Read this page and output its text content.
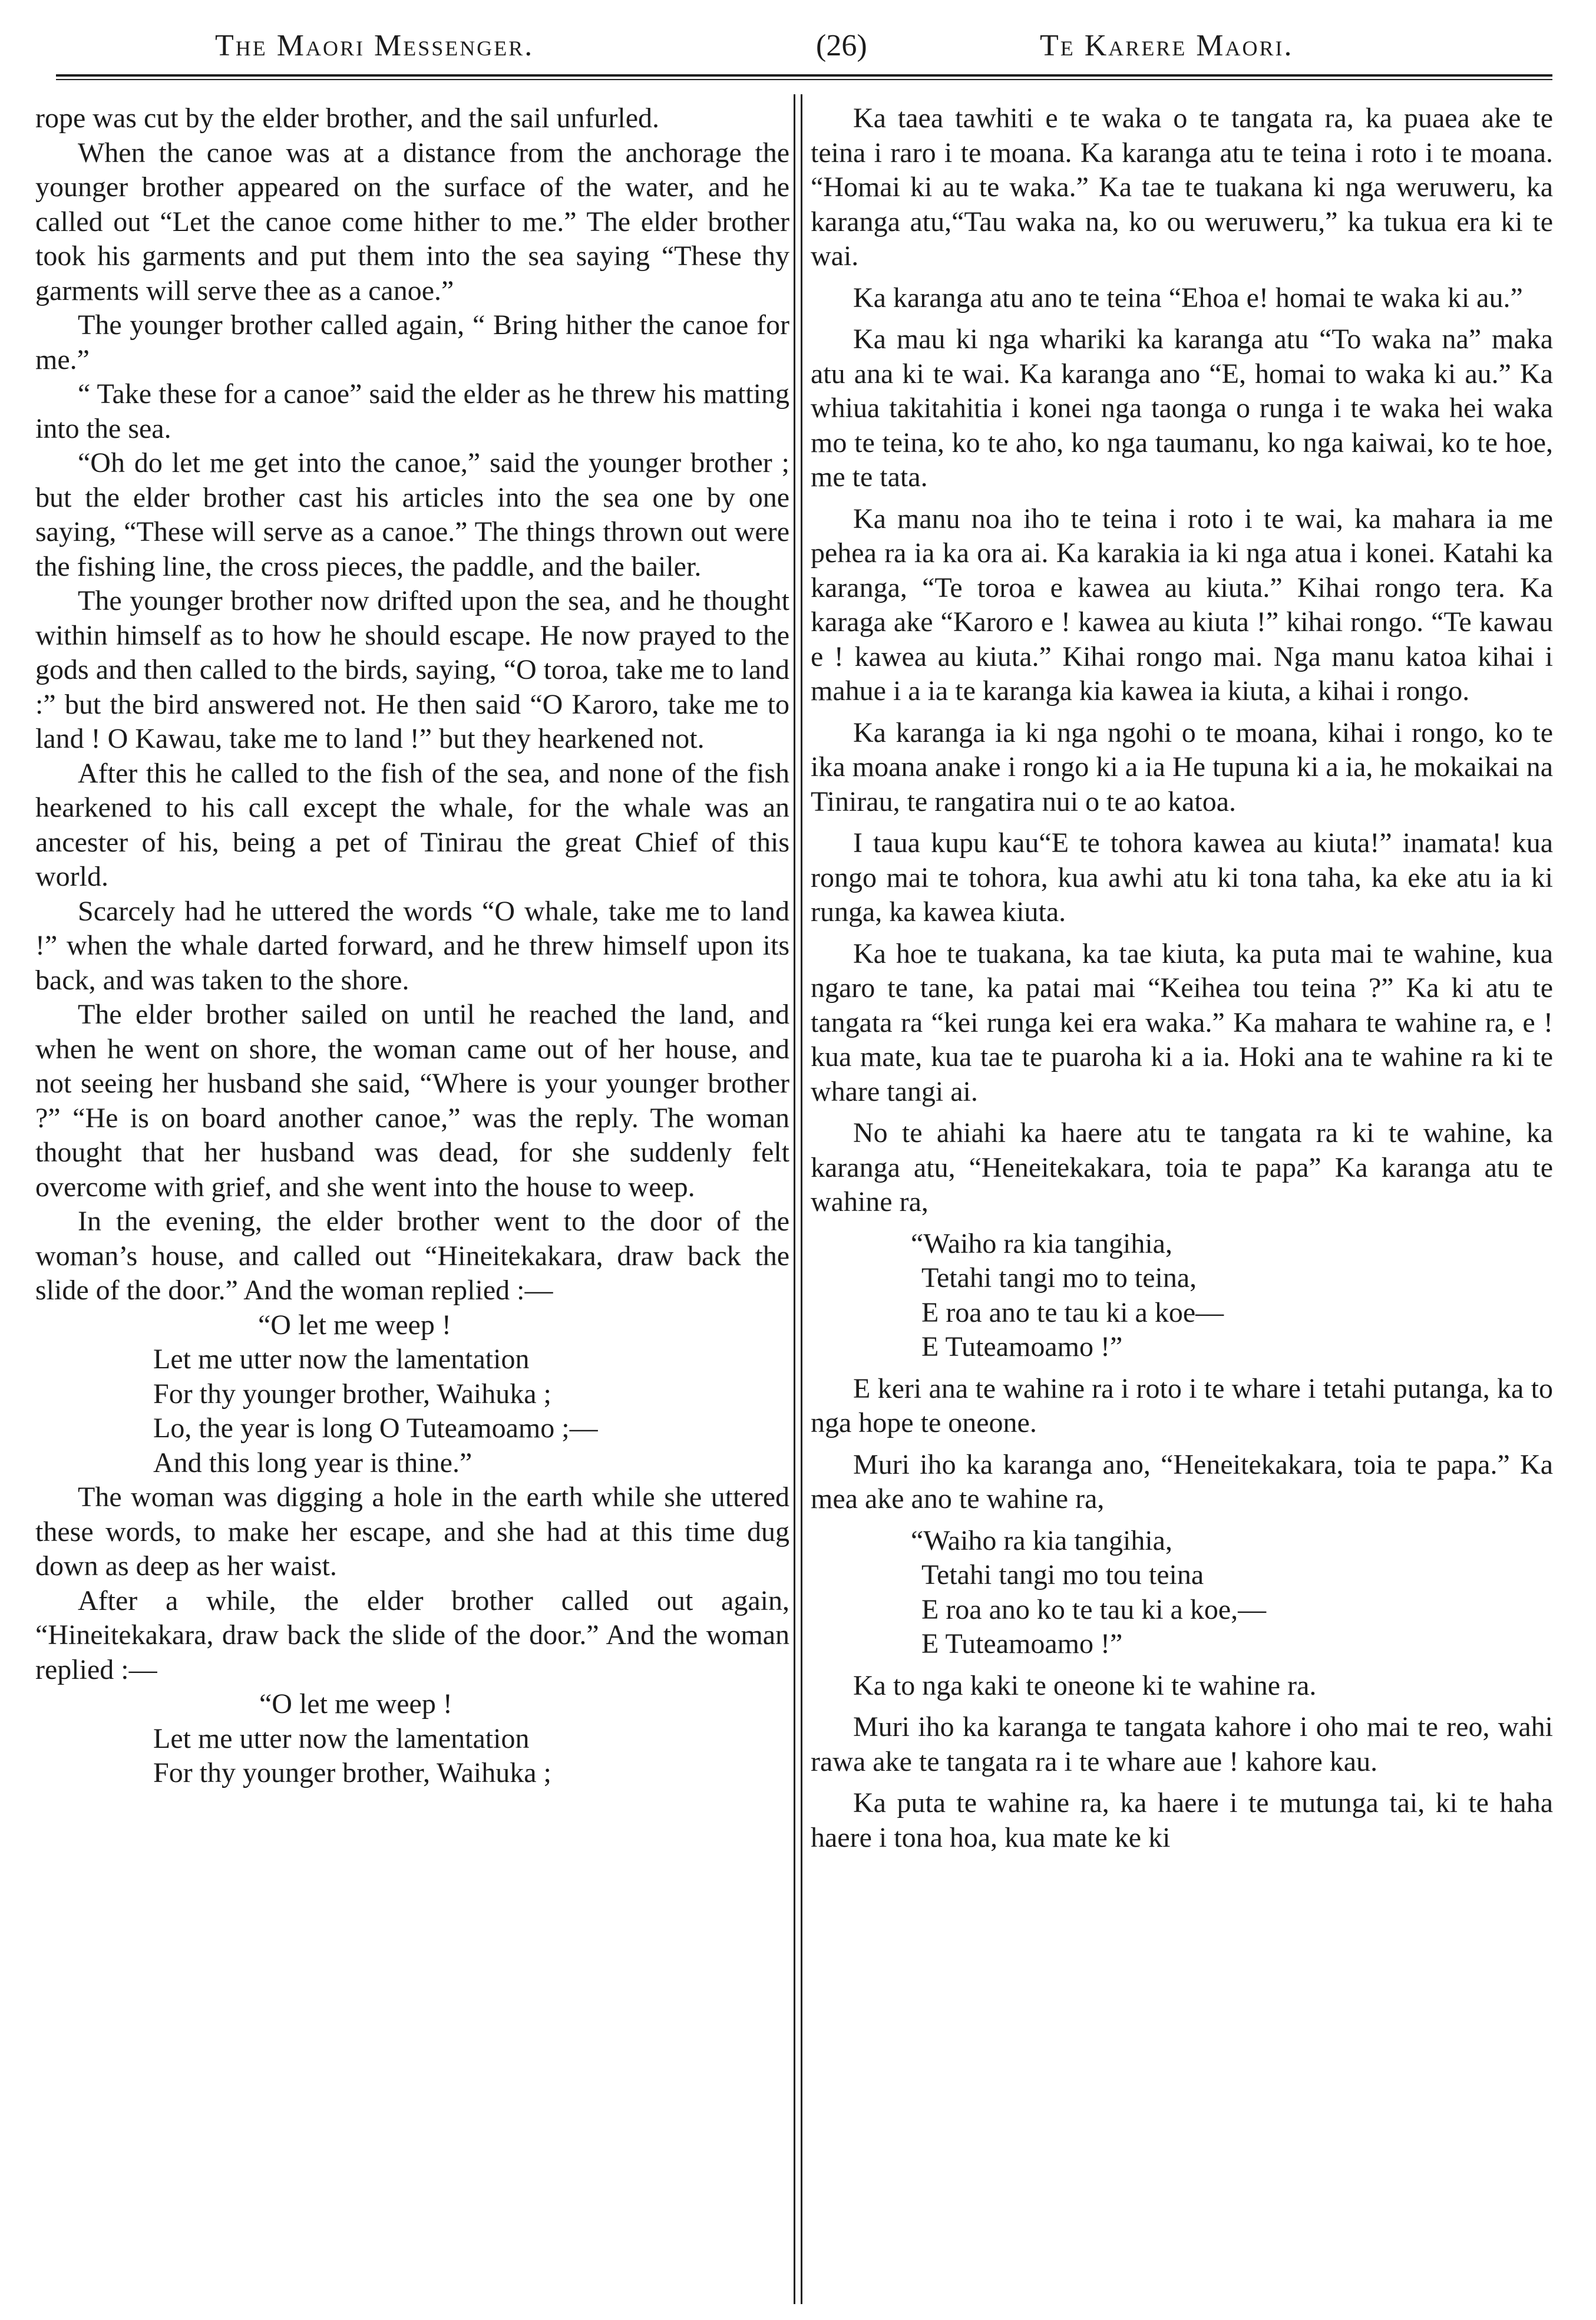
The Maori Messenger.	(26)	Te Karere Maori.

rope was cut by the elder brother, and the sail unfurled.

When the canoe was at a distance from the anchorage the younger brother appeared on the surface of the water, and he called out “Let the canoe come hither to me.” The elder brother took his garments and put them into the sea saying “These thy garments will serve thee as a canoe.”

The younger brother called again, “ Bring hither the canoe for me.”

“ Take these for a canoe” said the elder as he threw his matting into the sea.

“Oh do let me get into the canoe,” said the younger brother ; but the elder brother cast his articles into the sea one by one saying, “These will serve as a canoe.” The things thrown out were the fishing line, the cross pieces, the paddle, and the bailer.

The younger brother now drifted upon the sea, and he thought within himself as to how he should escape. He now prayed to the gods and then called to the birds, saying, “O toroa, take me to land :” but the bird answered not. He then said “O Karoro, take me to land ! O Kawau, take me to land !” but they hearkened not.

After this he called to the fish of the sea, and none of the fish hearkened to his call except the whale, for the whale was an ancester of his, being a pet of Tinirau the great Chief of this world.

Scarcely had he uttered the words “O whale, take me to land !” when the whale darted forward, and he threw himself upon its back, and was taken to the shore.

The elder brother sailed on until he reached the land, and when he went on shore, the woman came out of her house, and not seeing her husband she said, “Where is your younger brother ?” “He is on board another canoe,” was the reply. The woman thought that her husband was dead, for she suddenly felt overcome with grief, and she went into the house to weep.

In the evening, the elder brother went to the door of the woman’s house, and called out “Hineitekakara, draw back the slide of the door.” And the woman replied :—

“O let me weep !
Let me utter now the lamentation
For thy younger brother, Waihuka ;
Lo, the year is long O Tuteamoamo ;—
And this long year is thine.”

The woman was digging a hole in the earth while she uttered these words, to make her escape, and she had at this time dug down as deep as her waist.

After a while, the elder brother called out again, “Hineitekakara, draw back the slide of the door.” And the woman replied :—

“O let me weep !
Let me utter now the lamentation
For thy younger brother, Waihuka ;

Ka taea tawhiti e te waka o te tangata ra, ka puaea ake te teina i raro i te moana. Ka karanga atu te teina i roto i te moana. “Homai ki au te waka.” Ka tae te tuakana ki nga weruweru, ka karanga atu,“Tau waka na, ko ou weruweru,” ka tukua era ki te wai.

Ka karanga atu ano te teina “Ehoa e! homai te waka ki au.”

Ka mau ki nga whariki ka karanga atu “To waka na” maka atu ana ki te wai. Ka karanga ano “E, homai to waka ki au.” Ka whiua takitahitia i konei nga taonga o runga i te waka hei waka mo te teina, ko te aho, ko nga taumanu, ko nga kaiwai, ko te hoe, me te tata.

Ka manu noa iho te teina i roto i te wai, ka mahara ia me pehea ra ia ka ora ai. Ka karakia ia ki nga atua i konei. Katahi ka karanga, “Te toroa e kawea au kiuta.” Kihai rongo tera. Ka karaga ake “Karoro e ! kawea au kiuta !” kihai rongo. “Te kawau e ! kawea au kiuta.” Kihai rongo mai. Nga manu katoa kihai i mahue i a ia te karanga kia kawea ia kiuta, a kihai i rongo.

Ka karanga ia ki nga ngohi o te moana, kihai i rongo, ko te ika moana anake i rongo ki a ia He tupuna ki a ia, he mokaikai na Tinirau, te rangatira nui o te ao katoa.

I taua kupu kau“E te tohora kawea au kiuta!” inamata! kua rongo mai te tohora, kua awhi atu ki tona taha, ka eke atu ia ki runga, ka kawea kiuta.

Ka hoe te tuakana, ka tae kiuta, ka puta mai te wahine, kua ngaro te tane, ka patai mai “Keihea tou teina ?” Ka ki atu te tangata ra “kei runga kei era waka.” Ka mahara te wahine ra, e ! kua mate, kua tae te puaroha ki a ia. Hoki ana te wahine ra ki te whare tangi ai.

No te ahiahi ka haere atu te tangata ra ki te wahine, ka karanga atu, “Heneitekakara, toia te papa” Ka karanga atu te wahine ra,

“Waiho ra kia tangihia,
Tetahi tangi mo to teina,
E roa ano te tau ki a koe—
E Tuteamoamo !”

E keri ana te wahine ra i roto i te whare i tetahi putanga, ka to nga hope te oneone.

Muri iho ka karanga ano, “Heneitekakara, toia te papa.” Ka mea ake ano te wahine ra,

“Waiho ra kia tangihia,
Tetahi tangi mo tou teina
E roa ano ko te tau ki a koe,—
E Tuteamoamo !”

Ka to nga kaki te oneone ki te wahine ra.

Muri iho ka karanga te tangata kahore i oho mai te reo, wahi rawa ake te tangata ra i te whare aue ! kahore kau.

Ka puta te wahine ra, ka haere i te mutunga tai, ki te haha haere i tona hoa, kua mate ke ki
